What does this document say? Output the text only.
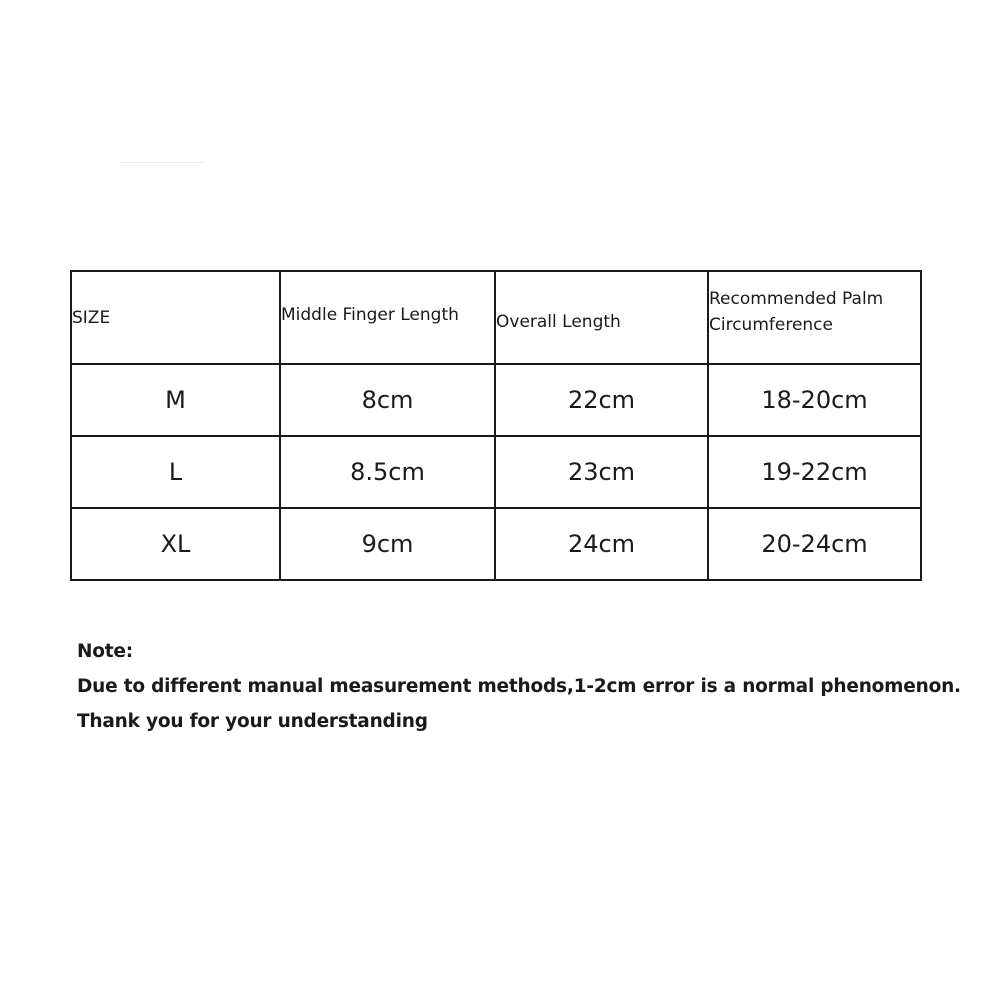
SIZE	Middle Finger Length	Overall Length	Recommended Palm
Circumference

M	8cm	22cm	18-20cm
L	8.5cm	23cm	19-22cm
XL	9cm	24cm	20-24cm
Note:
Due to different manual measurement methods,1-2cm error is a normal phenomenon.
Thank you for your understanding
